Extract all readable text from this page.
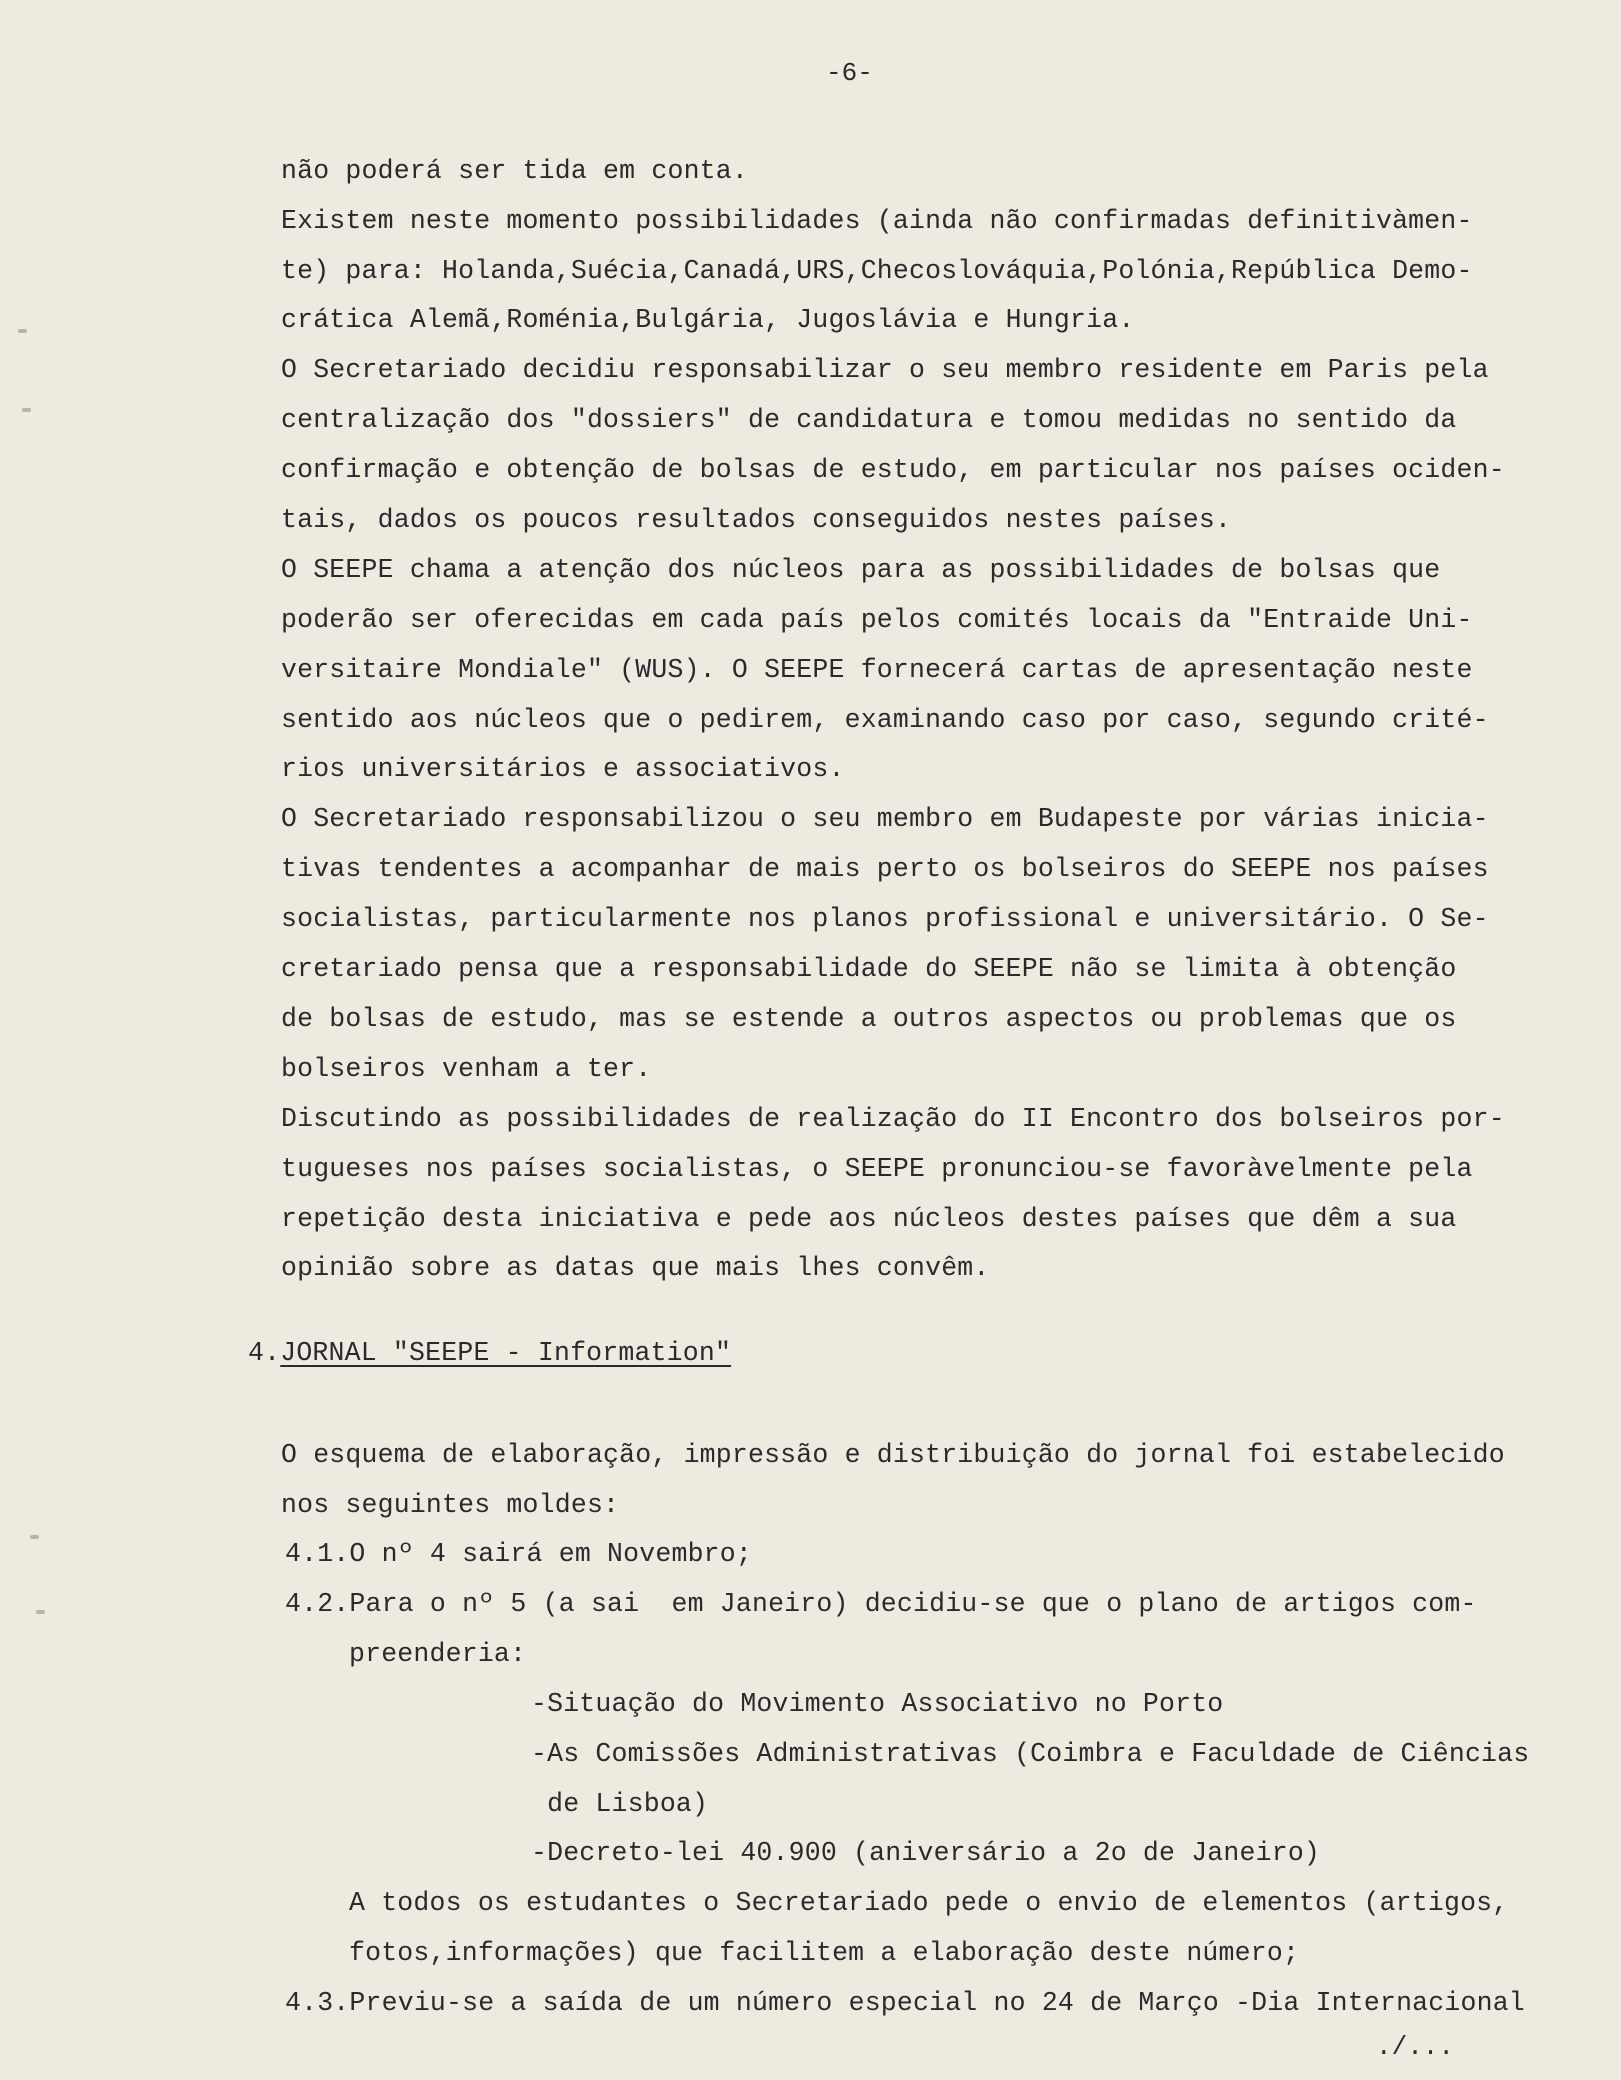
-6-
não poderá ser tida em conta.
Existem neste momento possibilidades (ainda não confirmadas definitivàmen-
te) para: Holanda,Suécia,Canadá,URS,Checoslováquia,Polónia,República Demo-
crática Alemã,Roménia,Bulgária, Jugoslávia e Hungria.
O Secretariado decidiu responsabilizar o seu membro residente em Paris pela
centralização dos "dossiers" de candidatura e tomou medidas no sentido da
confirmação e obtenção de bolsas de estudo, em particular nos países ociden-
tais, dados os poucos resultados conseguidos nestes países.
O SEEPE chama a atenção dos núcleos para as possibilidades de bolsas que
poderão ser oferecidas em cada país pelos comités locais da "Entraide Uni-
versitaire Mondiale" (WUS). O SEEPE fornecerá cartas de apresentação neste
sentido aos núcleos que o pedirem, examinando caso por caso, segundo crité-
rios universitários e associativos.
O Secretariado responsabilizou o seu membro em Budapeste por várias inicia-
tivas tendentes a acompanhar de mais perto os bolseiros do SEEPE nos países
socialistas, particularmente nos planos profissional e universitário. O Se-
cretariado pensa que a responsabilidade do SEEPE não se limita à obtenção
de bolsas de estudo, mas se estende a outros aspectos ou problemas que os
bolseiros venham a ter.
Discutindo as possibilidades de realização do II Encontro dos bolseiros por-
tugueses nos países socialistas, o SEEPE pronunciou-se favoràvelmente pela
repetição desta iniciativa e pede aos núcleos destes países que dêm a sua
opinião sobre as datas que mais lhes convêm.
4.JORNAL "SEEPE - Information"
O esquema de elaboração, impressão e distribuição do jornal foi estabelecido
nos seguintes moldes:
4.1.O nº 4 sairá em Novembro;
4.2.Para o nº 5 (a sai  em Janeiro) decidiu-se que o plano de artigos com-
preenderia:
-Situação do Movimento Associativo no Porto
-As Comissões Administrativas (Coimbra e Faculdade de Ciências
de Lisboa)
-Decreto-lei 40.900 (aniversário a 2o de Janeiro)
A todos os estudantes o Secretariado pede o envio de elementos (artigos,
fotos,informações) que facilitem a elaboração deste número;
4.3.Previu-se a saída de um número especial no 24 de Março -Dia Internacional
./...
